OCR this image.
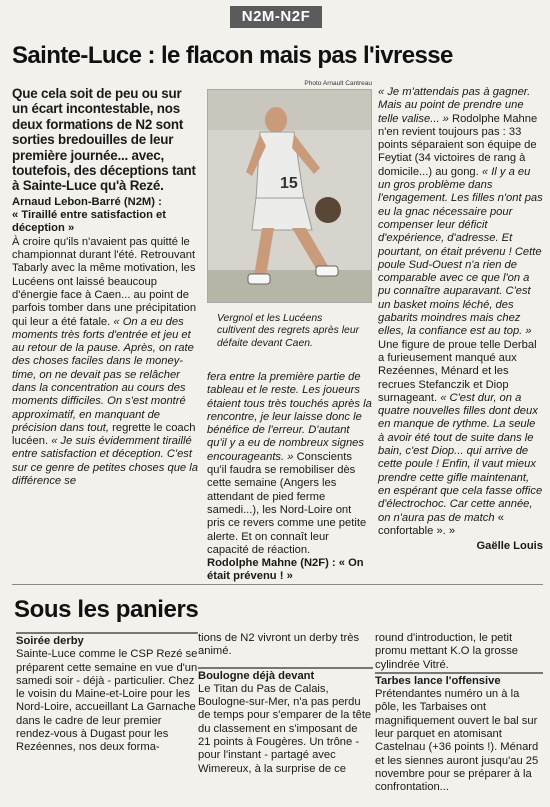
N2M-N2F
Sainte-Luce : le flacon mais pas l'ivresse

Que cela soit de peu ou sur un écart incontestable, nos deux formations de N2 sont sorties bredouilles de leur première journée... avec, toutefois, des déceptions tant à Sainte-Luce qu'à Rezé.

Arnaud Lebon-Barré (N2M) :

« Tiraillé entre satisfaction et déception »

À croire qu'ils n'avaient pas quitté le championnat durant l'été. Retrouvant Tabarly avec la même motivation, les Lucéens ont laissé beaucoup d'énergie face à Caen... au point de parfois tomber dans une précipitation qui leur a été fatale. « On a eu des moments très forts d'entrée et jeu et au retour de la pause. Après, on rate des choses faciles dans le money-time, on ne devait pas se relâcher dans la concentration au cours des moments difficiles. On s'est montré approximatif, en manquant de précision dans tout, regrette le coach lucéen. « Je suis évidemment tiraillé entre satisfaction et déception. C'est sur ce genre de petites choses que la différence se

Photo Arnault Cantreau
15

Vergnol et les Lucéens cultivent des regrets après leur défaite devant Caen.

fera entre la première partie de tableau et le reste. Les joueurs étaient tous très touchés après la rencontre, je leur laisse donc le bénéfice de l'erreur. D'autant qu'il y a eu de nombreux signes encourageants. » Conscients qu'il faudra se remobiliser dès cette semaine (Angers les attendant de pied ferme samedi...), les Nord-Loire ont pris ce revers comme une petite alerte. Et on connaît leur capacité de réaction.

Rodolphe Mahne (N2F) : « On était prévenu ! »

« Je m'attendais pas à gagner. Mais au point de prendre une telle valise... » Rodolphe Mahne n'en revient toujours pas : 33 points séparaient son équipe de Feytiat (34 victoires de rang à domicile...) au gong. « Il y a eu un gros problème dans l'engagement. Les filles n'ont pas eu la gnac nécessaire pour compenser leur déficit d'expérience, d'adresse. Et pourtant, on était prévenu ! Cette poule Sud-Ouest n'a rien de comparable avec ce que l'on a pu connaître auparavant. C'est un basket moins léché, des gabarits moindres mais chez elles, la confiance est au top. »

Une figure de proue telle Derbal a furieusement manqué aux Rezéennes, Ménard et les recrues Stefanczik et Diop surnageant. « C'est dur, on a quatre nouvelles filles dont deux en manque de rythme. La seule à avoir été tout de suite dans le bain, c'est Diop... qui arrive de cette poule ! Enfin, il vaut mieux prendre cette gifle maintenant, en espérant que cela fasse office d'électrochoc. Car cette année, on n'aura pas de match « confortable ». »

Gaëlle Louis

Sous les paniers

Soirée derby

Sainte-Luce comme le CSP Rezé se préparent cette semaine en vue d'un samedi soir - déjà - particulier. Chez le voisin du Maine-et-Loire pour les Nord-Loire, accueillant La Garnache dans le cadre de leur premier rendez-vous à Dugast pour les Rezéennes, nos deux forma-

tions de N2 vivront un derby très animé.

Boulogne déjà devant

Le Titan du Pas de Calais, Boulogne-sur-Mer, n'a pas perdu de temps pour s'emparer de la tête du classement en s'imposant de 21 points à Fougères. Un trône - pour l'instant - partagé avec Wimereux, à la surprise de ce

round d'introduction, le petit promu mettant K.O la grosse cylindrée Vitré.

Tarbes lance l'offensive

Prétendantes numéro un à la pôle, les Tarbaises ont magnifiquement ouvert le bal sur leur parquet en atomisant Castelnau (+36 points !). Ménard et les siennes auront jusqu'au 25 novembre pour se préparer à la confrontation...
